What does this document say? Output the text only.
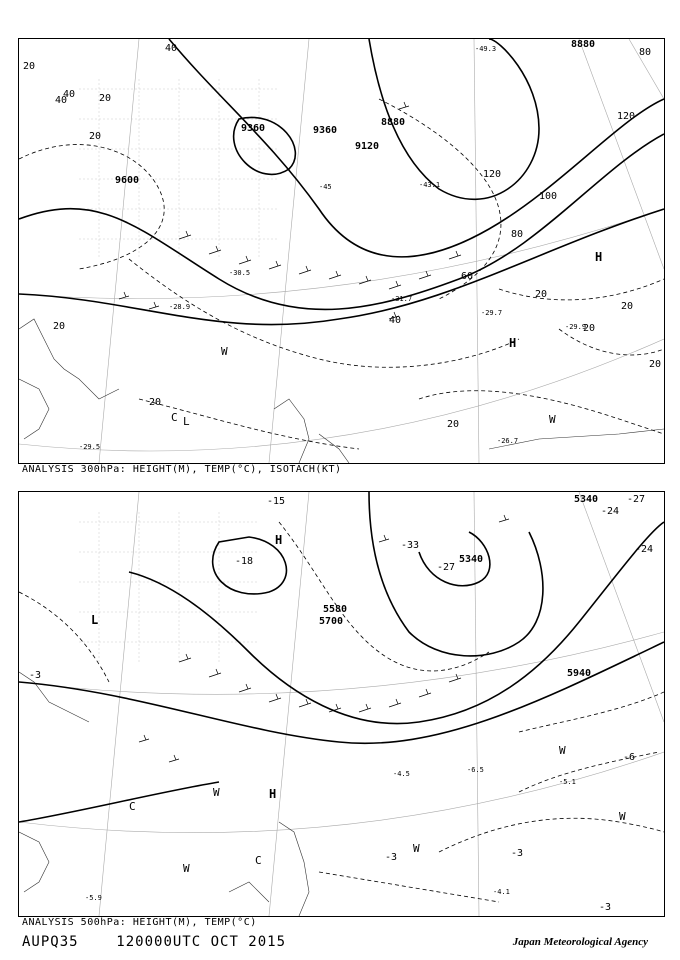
9600
9360	9360
9120
8880
8880
40
20
20
40
80
120
120
100
80
60
40
20
20
20
20
20
20
40
20
20
-29.7
-29.9
-28.9
-29.5
-26.7
-30.5
-31.7
-45
-49.3
-43.1
H
H
W
W
C L
ANALYSIS 300hPa: HEIGHT(M), TEMP(°C), ISOTACH(KT)
5340
5340
5580
5700
5940
-15
-18
-27
-33	-24
-27
-24
-3
-3	-3
-6
-3
-6.5
-4.5
-5.1
-4.1
-5.9
L
H
H
W
W
W
W
C
C
W
ANALYSIS 500hPa: HEIGHT(M), TEMP(°C)
AUPQ35	120000UTC OCT 2015	Japan Meteorological Agency
